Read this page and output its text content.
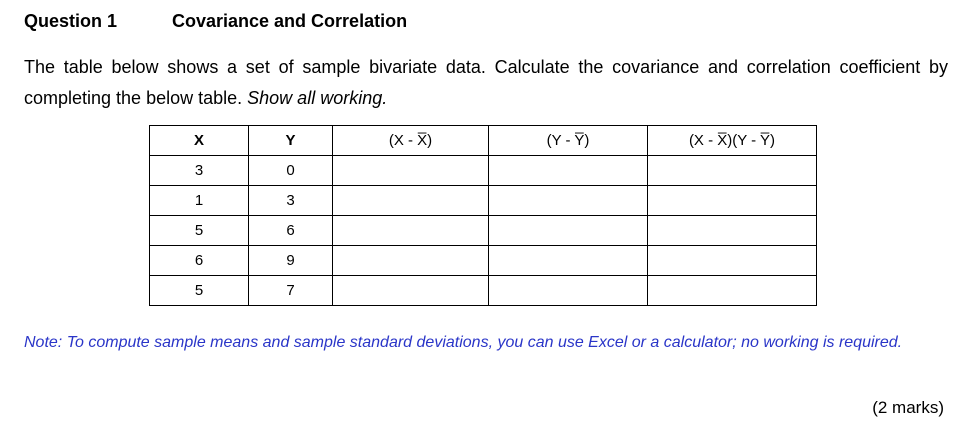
Question 1	Covariance and Correlation
The table below shows a set of sample bivariate data. Calculate the covariance and correlation coefficient by completing the below table. Show all working.
X	Y	(X - X̅)	(Y - Y̅)	(X - X̅)(Y - Y̅)
3	0			
1	3			
5	6			
6	9			
5	7			
Note: To compute sample means and sample standard deviations, you can use Excel or a calculator; no working is required.
(2 marks)
